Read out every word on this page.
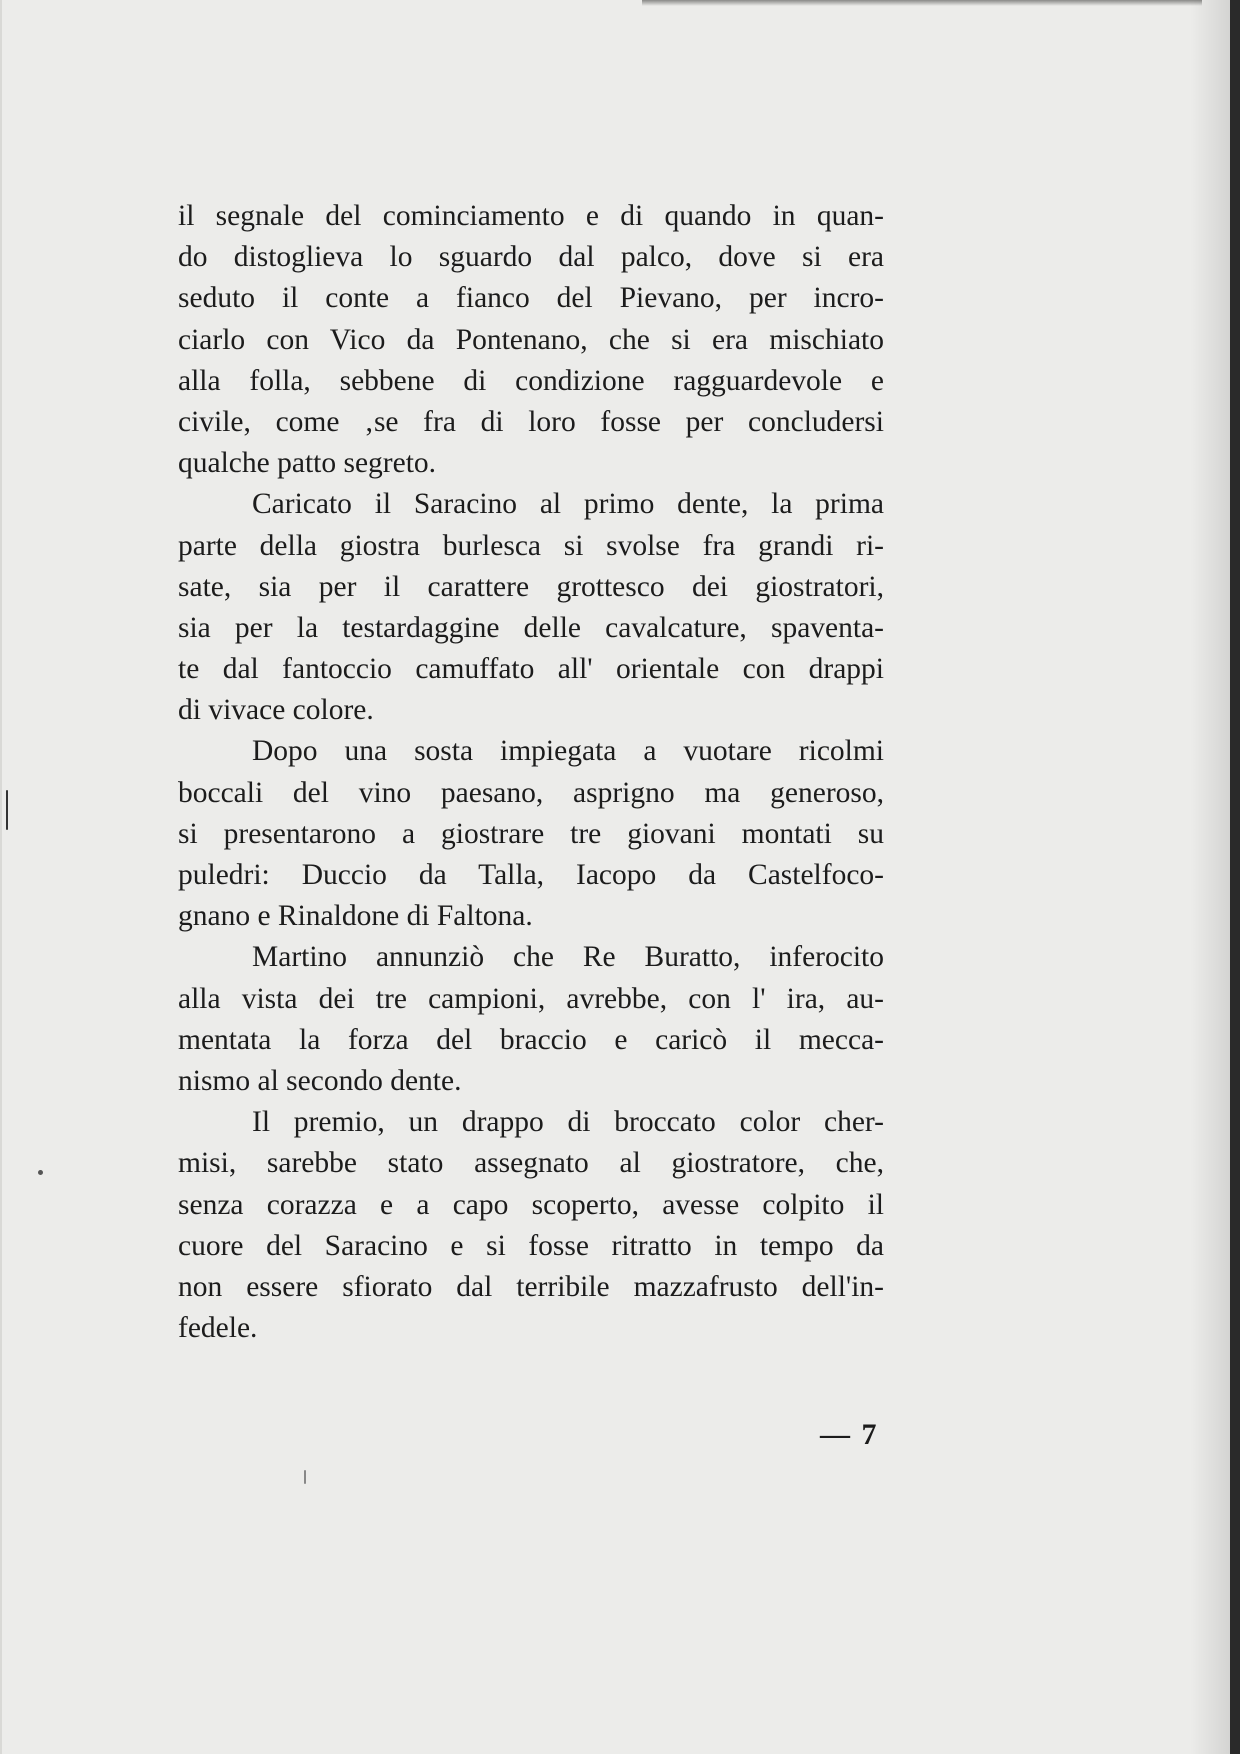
il segnale del cominciamento e di quando in quan-
do distoglieva lo sguardo dal palco, dove si era
seduto il conte a fianco del Pievano, per incro-
ciarlo con Vico da Pontenano, che si era mischiato
alla folla, sebbene di condizione ragguardevole e
civile, come ‚se fra di loro fosse per concludersi
qualche patto segreto.
Caricato il Saracino al primo dente, la prima
parte della giostra burlesca si svolse fra grandi ri-
sate, sia per il carattere grottesco dei giostratori,
sia per la testardaggine delle cavalcature, spaventa-
te dal fantoccio camuffato all' orientale con drappi
di vivace colore.
Dopo una sosta impiegata a vuotare ricolmi
boccali del vino paesano, asprigno ma generoso,
si presentarono a giostrare tre giovani montati su
puledri: Duccio da Talla, Iacopo da Castelfoco-
gnano e Rinaldone di Faltona.
Martino annunziò che Re Buratto, inferocito
alla vista dei tre campioni, avrebbe, con l' ira, au-
mentata la forza del braccio e caricò il mecca-
nismo al secondo dente.
Il premio, un drappo di broccato color cher-
misi, sarebbe stato assegnato al giostratore, che,
senza corazza e a capo scoperto, avesse colpito il
cuore del Saracino e si fosse ritratto in tempo da
non essere sfiorato dal terribile mazzafrusto dell'in-
fedele.
— 7
